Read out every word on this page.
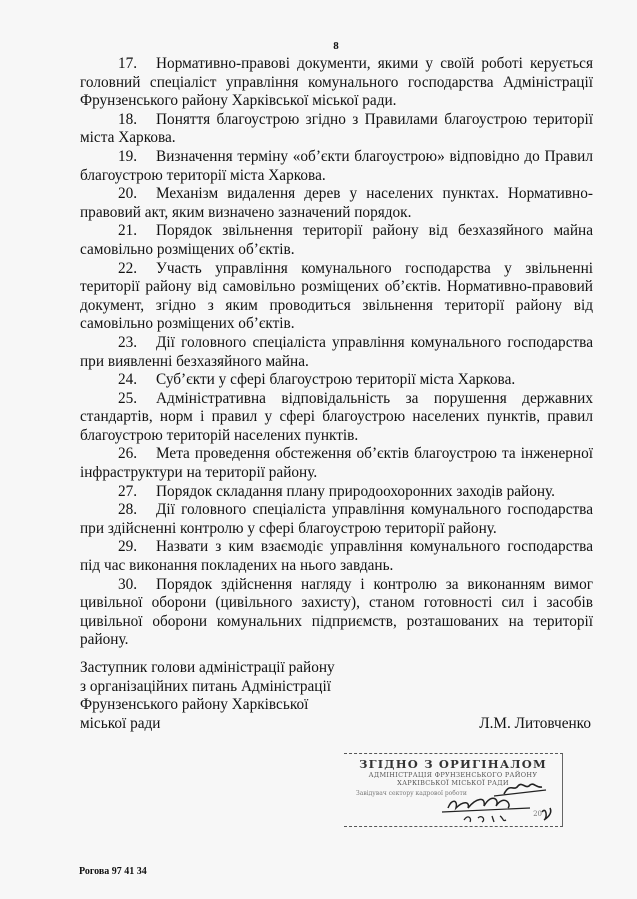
8

17. Нормативно-правові документи, якими у своїй роботі керується головний спеціаліст управління комунального господарства Адміністрації Фрунзенського району Харківської міської ради.

18. Поняття благоустрою згідно з Правилами благоустрою території міста Харкова.

19. Визначення терміну «об’єкти благоустрою» відповідно до Правил благоустрою території міста Харкова.

20. Механізм видалення дерев у населених пунктах. Нормативно-правовий акт, яким визначено зазначений порядок.

21. Порядок звільнення території району від безхазяйного майна самовільно розміщених об’єктів.

22. Участь управління комунального господарства у звільненні території району від самовільно розміщених об’єктів. Нормативно-правовий документ, згідно з яким проводиться звільнення території району від самовільно розміщених об’єктів.

23. Дії головного спеціаліста управління комунального господарства при виявленні безхазяйного майна.

24. Суб’єкти у сфері благоустрою території міста Харкова.

25. Адміністративна відповідальність за порушення державних стандартів, норм і правил у сфері благоустрою населених пунктів, правил благоустрою територій населених пунктів.

26. Мета проведення обстеження об’єктів благоустрою та інженерної інфраструктури на території району.

27. Порядок складання плану природоохоронних заходів району.

28. Дії головного спеціаліста управління комунального господарства при здійсненні контролю у сфері благоустрою території району.

29. Назвати з ким взаємодіє управління комунального господарства під час виконання покладених на нього завдань.

30. Порядок здійснення нагляду і контролю за виконанням вимог цивільної оборони (цивільного захисту), станом готовності сил і засобів цивільної оборони комунальних підприємств, розташованих на території району.

Заступник голови адміністрації району
з організаційних питань Адміністрації
Фрунзенського району Харківської
міської ради	Л.М. Литовченко
ЗГІДНО З ОРИГІНАЛОМ
АДМІНІСТРАЦІЯ ФРУНЗЕНСЬКОГО РАЙОНУ
ХАРКІВСЬКОЇ МІСЬКОЇ РАДИ
Завідувач сектору кадрової роботи
20
Рогова 97 41 34
